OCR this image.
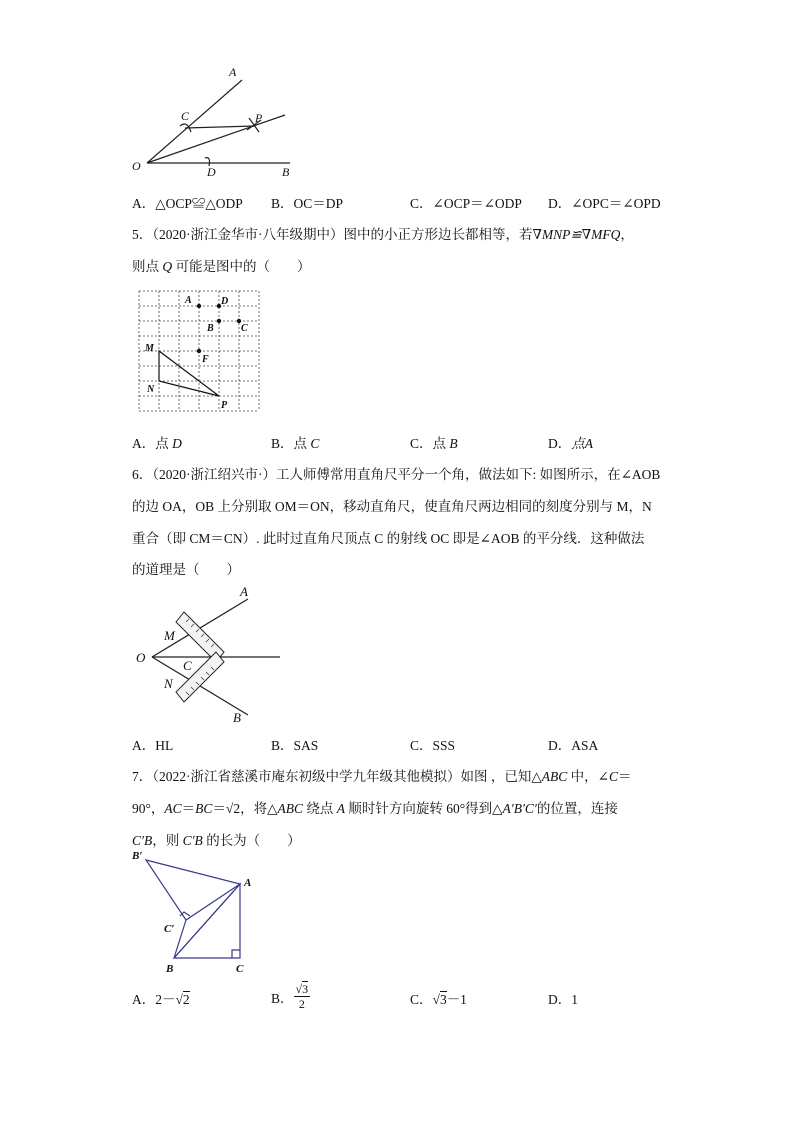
A
C	P
O	D	B
A．△OCP≌△ODP B．OC＝DP	C．∠OCP＝∠ODP D．∠OPC＝∠OPD
5．（2020·浙江金华市·八年级期中）图中的小正方形边长都相等，若∇MNP≌∇MFQ，
则点 Q 可能是图中的（　　）
A	D
B	C
M
F
N
P
A．点 D	B．点 C	C．点 B	D．点A
6．（2020·浙江绍兴市·）工人师傅常用直角尺平分一个角，做法如下: 如图所示，在∠AOB
的边 OA，OB 上分别取 OM＝ON，移动直角尺，使直角尺两边相同的刻度分别与 M，N
重合（即 CM＝CN）. 此时过直角尺顶点 C 的射线 OC 即是∠AOB 的平分线．这种做法
的道理是（　　）
A
M
O
C
N
B
A．HL	B．SAS	C．SSS	D．ASA
7．（2022·浙江省慈溪市庵东初级中学九年级其他模拟）如图 ，已知△ABC 中，∠C＝
90°，AC＝BC＝√2，将△ABC 绕点 A 顺时针方向旋转 60°得到△A′B′C′的位置，连接
C′B，则 C′B 的长为（　　）
B′
A
C′
B	C
A．2－√2	B． $\frac{√3}{2}$	C．√3－1	D．1
